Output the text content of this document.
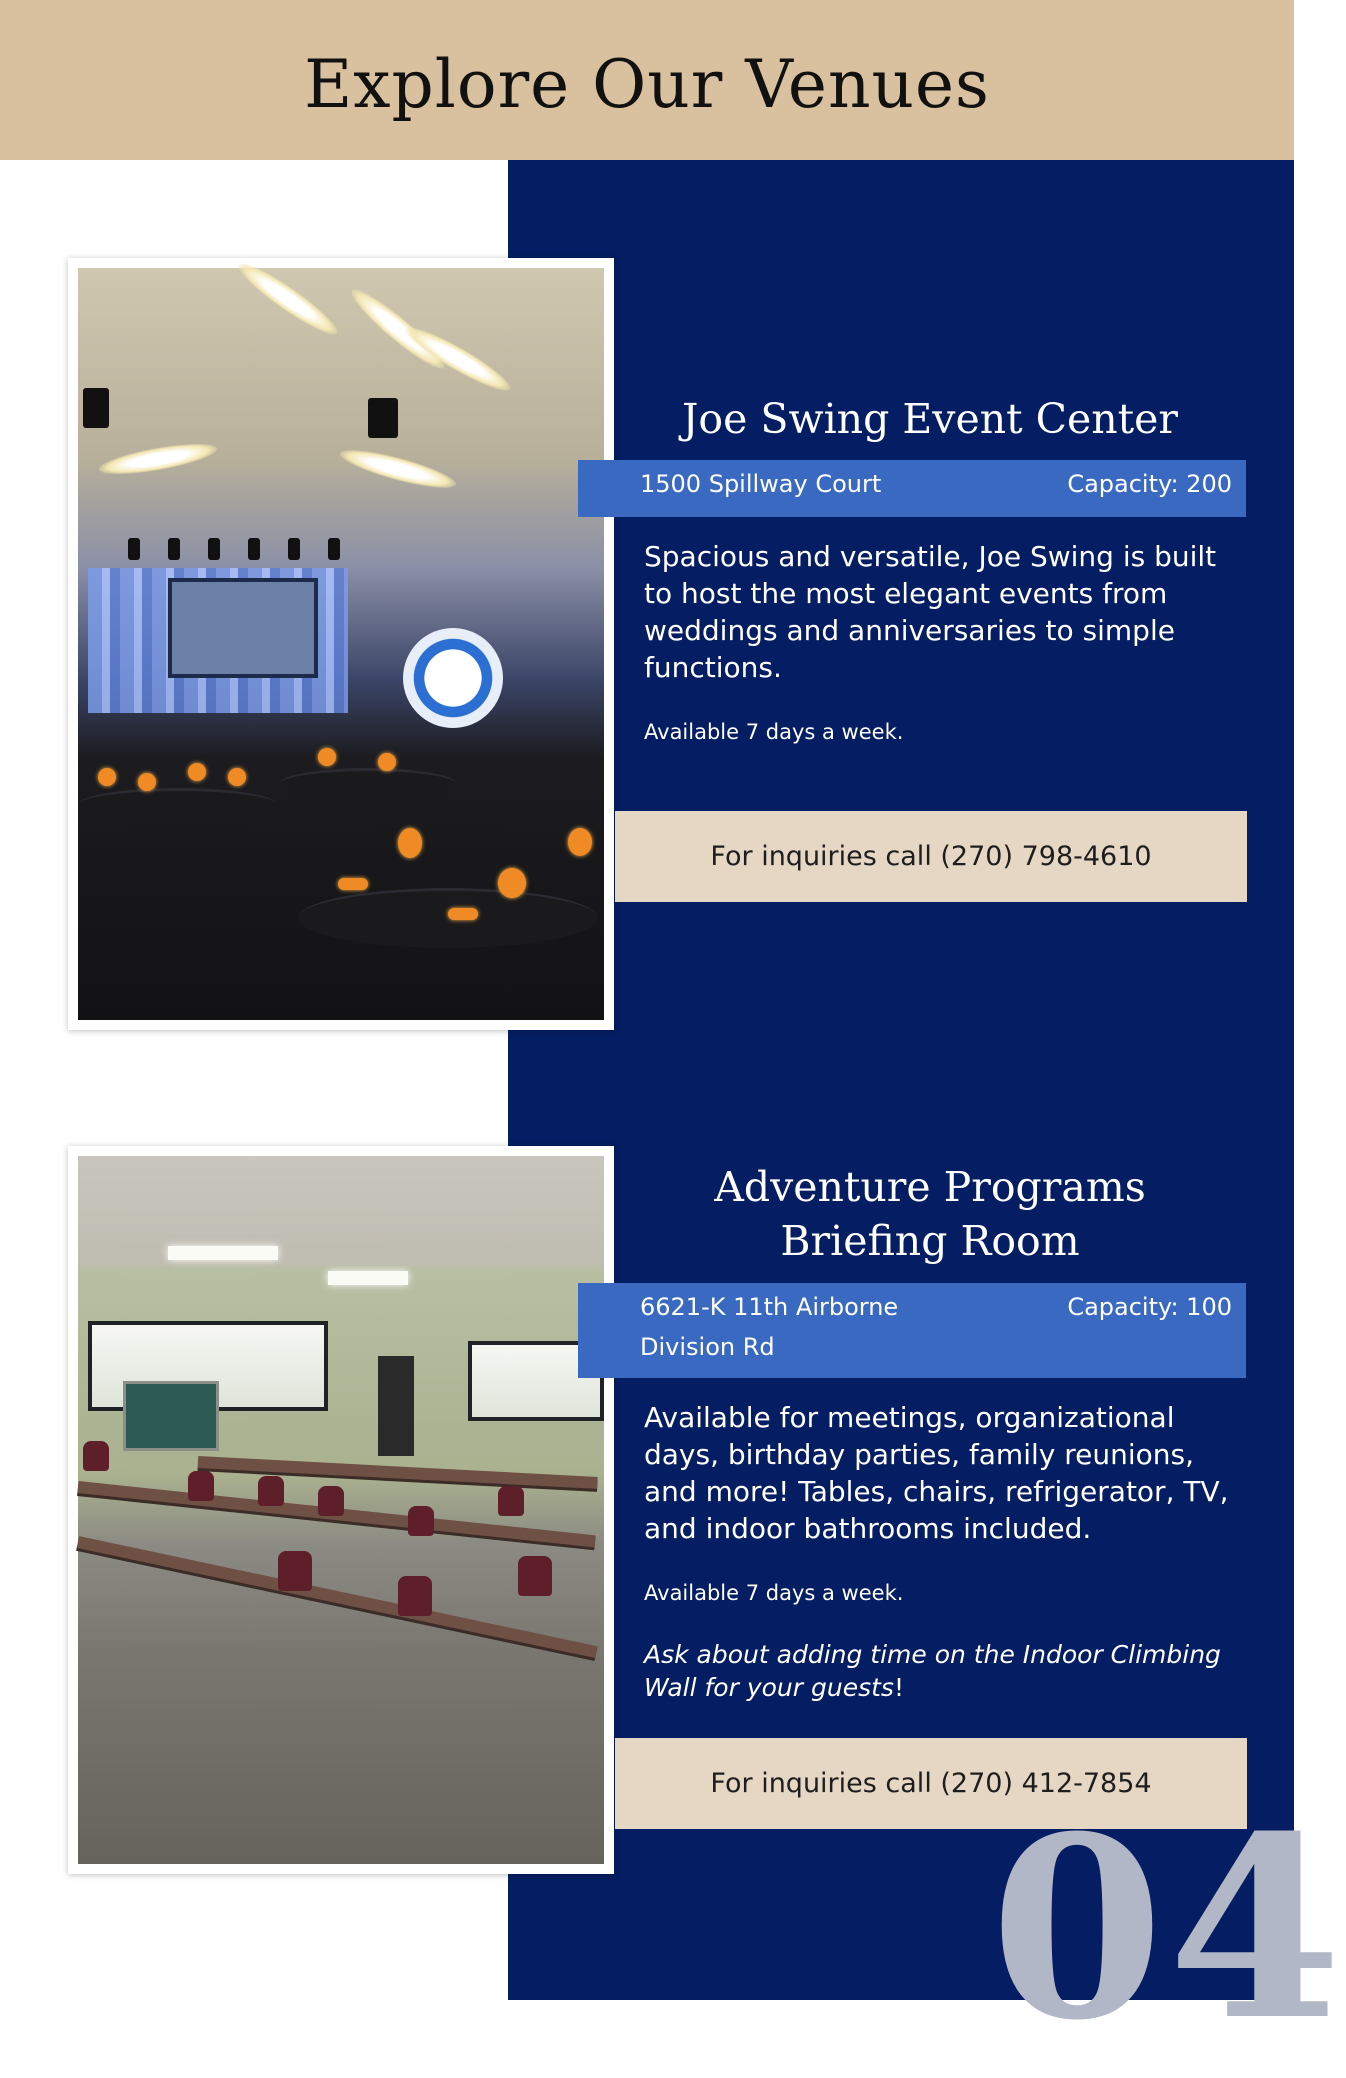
Explore Our Venues
Joe Swing Event Center
1500 Spillway Court	Capacity: 200

Spacious and versatile, Joe Swing is built to host the most elegant events from weddings and anniversaries to simple functions.

Available 7 days a week.

For inquiries call (270) 798-4610
Adventure Programs
Briefing Room
6621-K 11th Airborne Division Rd
Capacity: 100

Available for meetings, organizational days, birthday parties, family reunions, and more! Tables, chairs, refrigerator, TV, and indoor bathrooms included.

Available 7 days a week.

Ask about adding time on the Indoor Climbing Wall for your guests!

For inquiries call (270) 412-7854
04
